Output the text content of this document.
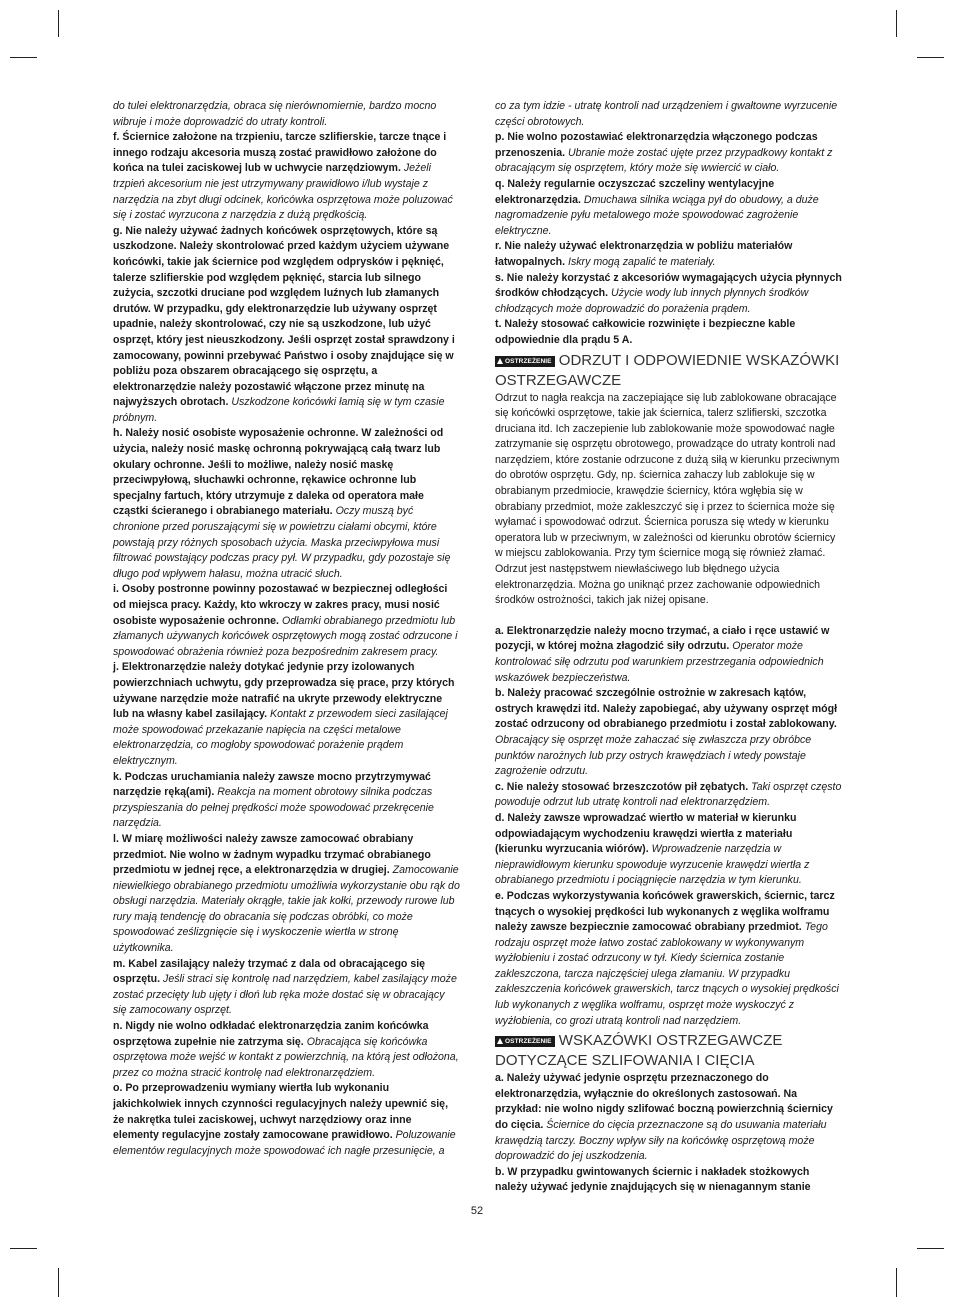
do tulei elektronarzędzia, obraca się nierównomiernie, bardzo mocno wibruje i może doprowadzić do utraty kontroli.

f. Ściernice założone na trzpieniu, tarcze szlifierskie, tarcze tnące i innego rodzaju akcesoria muszą zostać prawidłowo założone do końca na tulei zaciskowej lub w uchwycie narzędziowym. Jeżeli trzpień akcesorium nie jest utrzymywany prawidłowo i/lub wystaje z narzędzia na zbyt długi odcinek, końcówka osprzętowa może poluzować się i zostać wyrzucona z narzędzia z dużą prędkością.

g. Nie należy używać żadnych końcówek osprzętowych, które są uszkodzone. Należy skontrolować przed każdym użyciem używane końcówki, takie jak ściernice pod względem odprysków i pęknięć, talerze szlifierskie pod względem pęknięć, starcia lub silnego zużycia, szczotki druciane pod względem luźnych lub złamanych drutów. W przypadku, gdy elektronarzędzie lub używany osprzęt upadnie, należy skontrolować, czy nie są uszkodzone, lub użyć osprzęt, który jest nieuszkodzony. Jeśli osprzęt został sprawdzony i zamocowany, powinni przebywać Państwo i osoby znajdujące się w pobliżu poza obszarem obracającego się osprzętu, a elektronarzędzie należy pozostawić włączone przez minutę na najwyższych obrotach. Uszkodzone końcówki łamią się w tym czasie próbnym.

h. Należy nosić osobiste wyposażenie ochronne. W zależności od użycia, należy nosić maskę ochronną pokrywającą całą twarz lub okulary ochronne. Jeśli to możliwe, należy nosić maskę przeciwpyłową, słuchawki ochronne, rękawice ochronne lub specjalny fartuch, który utrzymuje z daleka od operatora małe cząstki ścieranego i obrabianego materiału. Oczy muszą być chronione przed poruszającymi się w powietrzu ciałami obcymi, które powstają przy różnych sposobach użycia. Maska przeciwpyłowa musi filtrować powstający podczas pracy pył. W przypadku, gdy pozostaje się długo pod wpływem hałasu, można utracić słuch.

i. Osoby postronne powinny pozostawać w bezpiecznej odległości od miejsca pracy. Każdy, kto wkroczy w zakres pracy, musi nosić osobiste wyposażenie ochronne. Odłamki obrabianego przedmiotu lub złamanych używanych końcówek osprzętowych mogą zostać odrzucone i spowodować obrażenia również poza bezpośrednim zakresem pracy.

j. Elektronarzędzie należy dotykać jedynie przy izolowanych powierzchniach uchwytu, gdy przeprowadza się prace, przy których używane narzędzie może natrafić na ukryte przewody elektryczne lub na własny kabel zasilający. Kontakt z przewodem sieci zasilającej może spowodować przekazanie napięcia na części metalowe elektronarzędzia, co mogłoby spowodować porażenie prądem elektrycznym.

k. Podczas uruchamiania należy zawsze mocno przytrzymywać narzędzie ręką(ami). Reakcja na moment obrotowy silnika podczas przyspieszania do pełnej prędkości może spowodować przekręcenie narzędzia.

l. W miarę możliwości należy zawsze zamocować obrabiany przedmiot. Nie wolno w żadnym wypadku trzymać obrabianego przedmiotu w jednej ręce, a elektronarzędzia w drugiej. Zamocowanie niewielkiego obrabianego przedmiotu umożliwia wykorzystanie obu rąk do obsługi narzędzia. Materiały okrągłe, takie jak kołki, przewody rurowe lub rury mają tendencję do obracania się podczas obróbki, co może spowodować ześlizgnięcie się i wyskoczenie wiertła w stronę użytkownika.

m. Kabel zasilający należy trzymać z dala od obracającego się osprzętu. Jeśli straci się kontrolę nad narzędziem, kabel zasilający może zostać przecięty lub ujęty i dłoń lub ręka może dostać się w obracający się zamocowany osprzęt.

n. Nigdy nie wolno odkładać elektronarzędzia zanim końcówka osprzętowa zupełnie nie zatrzyma się. Obracająca się końcówka osprzętowa może wejść w kontakt z powierzchnią, na którą jest odłożona, przez co można stracić kontrolę nad elektronarzędziem.

o. Po przeprowadzeniu wymiany wiertła lub wykonaniu jakichkolwiek innych czynności regulacyjnych należy upewnić się, że nakrętka tulei zaciskowej, uchwyt narzędziowy oraz inne elementy regulacyjne zostały zamocowane prawidłowo. Poluzowanie elementów regulacyjnych może spowodować ich nagłe przesunięcie, a

co za tym idzie - utratę kontroli nad urządzeniem i gwałtowne wyrzucenie części obrotowych.

p. Nie wolno pozostawiać elektronarzędzia włączonego podczas przenoszenia. Ubranie może zostać ujęte przez przypadkowy kontakt z obracającym się osprzętem, który może się wwiercić w ciało.

q. Należy regularnie oczyszczać szczeliny wentylacyjne elektronarzędzia. Dmuchawa silnika wciąga pył do obudowy, a duże nagromadzenie pyłu metalowego może spowodować zagrożenie elektryczne.

r. Nie należy używać elektronarzędzia w pobliżu materiałów łatwopalnych. Iskry mogą zapalić te materiały.

s. Nie należy korzystać z akcesoriów wymagających użycia płynnych środków chłodzących. Użycie wody lub innych płynnych środków chłodzących może doprowadzić do porażenia prądem.

t. Należy stosować całkowicie rozwinięte i bezpieczne kable odpowiednie dla prądu 5 A.

OSTRZEŻENIE ODRZUT I ODPOWIEDNIE WSKAZÓWKI OSTRZEGAWCZE

Odrzut to nagła reakcja na zaczepiające się lub zablokowane obracające się końcówki osprzętowe, takie jak ściernica, talerz szlifierski, szczotka druciana itd. Ich zaczepienie lub zablokowanie może spowodować nagłe zatrzymanie się osprzętu obrotowego, prowadzące do utraty kontroli nad narzędziem, które zostanie odrzucone z dużą siłą w kierunku przeciwnym do obrotów osprzętu. Gdy, np. ściernica zahaczy lub zablokuje się w obrabianym przedmiocie, krawędzie ściernicy, która wgłębia się w obrabiany przedmiot, może zakleszczyć się i przez to ściernica może się wyłamać i spowodować odrzut. Ściernica porusza się wtedy w kierunku operatora lub w przeciwnym, w zależności od kierunku obrotów ściernicy w miejscu zablokowania. Przy tym ściernice mogą się również złamać. Odrzut jest następstwem niewłaściwego lub błędnego użycia elektronarzędzia. Można go uniknąć przez zachowanie odpowiednich środków ostrożności, takich jak niżej opisane.

a. Elektronarzędzie należy mocno trzymać, a ciało i ręce ustawić w pozycji, w której można złagodzić siły odrzutu. Operator może kontrolować siłę odrzutu pod warunkiem przestrzegania odpowiednich wskazówek bezpieczeństwa.

b. Należy pracować szczególnie ostrożnie w zakresach kątów, ostrych krawędzi itd. Należy zapobiegać, aby używany osprzęt mógł zostać odrzucony od obrabianego przedmiotu i został zablokowany. Obracający się osprzęt może zahaczać się zwłaszcza przy obróbce punktów narożnych lub przy ostrych krawędziach i wtedy powstaje zagrożenie odrzutu.

c. Nie należy stosować brzeszczotów pił zębatych. Taki osprzęt często powoduje odrzut lub utratę kontroli nad elektronarzędziem.

d. Należy zawsze wprowadzać wiertło w materiał w kierunku odpowiadającym wychodzeniu krawędzi wiertła z materiału (kierunku wyrzucania wiórów). Wprowadzenie narzędzia w nieprawidłowym kierunku spowoduje wyrzucenie krawędzi wiertła z obrabianego przedmiotu i pociągnięcie narzędzia w tym kierunku.

e. Podczas wykorzystywania końcówek grawerskich, ściernic, tarcz tnących o wysokiej prędkości lub wykonanych z węglika wolframu należy zawsze bezpiecznie zamocować obrabiany przedmiot. Tego rodzaju osprzęt może łatwo zostać zablokowany w wykonywanym wyżłobieniu i zostać odrzucony w tył. Kiedy ściernica zostanie zakleszczona, tarcza najczęściej ulega złamaniu. W przypadku zakleszczenia końcówek grawerskich, tarcz tnących o wysokiej prędkości lub wykonanych z węglika wolframu, osprzęt może wyskoczyć z wyżłobienia, co grozi utratą kontroli nad narzędziem.

OSTRZEŻENIE WSKAZÓWKI OSTRZEGAWCZE DOTYCZĄCE SZLIFOWANIA I CIĘCIA

a. Należy używać jedynie osprzętu przeznaczonego do elektronarzędzia, wyłącznie do określonych zastosowań. Na przykład: nie wolno nigdy szlifować boczną powierzchnią ściernicy do cięcia. Ściernice do cięcia przeznaczone są do usuwania materiału krawędzią tarczy. Boczny wpływ siły na końcówkę osprzętową może doprowadzić do jej uszkodzenia.

b. W przypadku gwintowanych ściernic i nakładek stożkowych należy używać jedynie znajdujących się w nienagannym stanie

52
